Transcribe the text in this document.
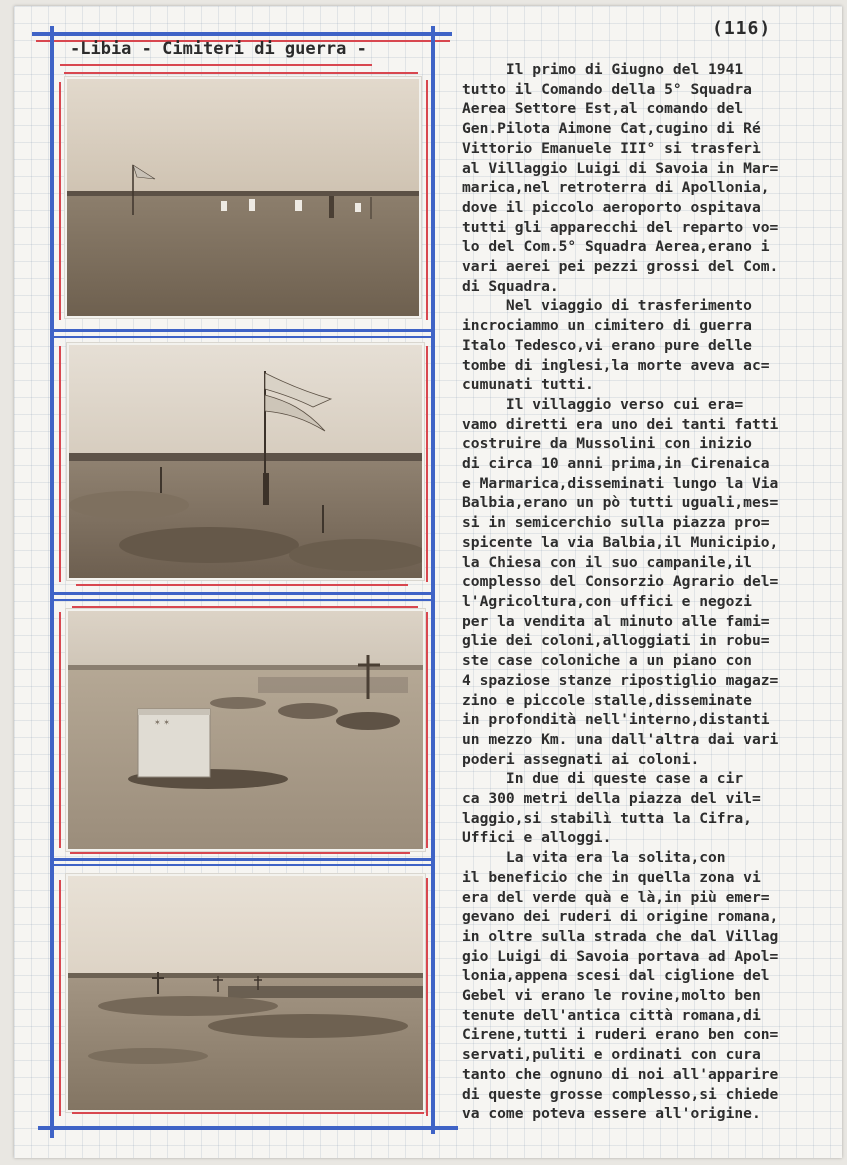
(116)
-Libia - Cimiteri di guerra -
✶ ✶
Il primo di Giugno del 1941
tutto il Comando della 5° Squadra
Aerea Settore Est,al comando del
Gen.Pilota Aimone Cat,cugino di Ré
Vittorio Emanuele III° si trasferì
al Villaggio Luigi di Savoia in Mar=
marica,nel retroterra di Apollonia,
dove il piccolo aeroporto ospitava
tutti gli apparecchi del reparto vo=
lo del Com.5° Squadra Aerea,erano i
vari aerei pei pezzi grossi del Com.
di Squadra.
Nel viaggio di trasferimento
incrociammo un cimitero di guerra
Italo Tedesco,vi erano pure delle
tombe di inglesi,la morte aveva ac=
cumunati tutti.
Il villaggio verso cui era=
vamo diretti era uno dei tanti fatti
costruire da Mussolini con inizio
di circa 10 anni prima,in Cirenaica
e Marmarica,disseminati lungo la Via
Balbia,erano un pò tutti uguali,mes=
si in semicerchio sulla piazza pro=
spicente la via Balbia,il Municipio,
la Chiesa con il suo campanile,il
complesso del Consorzio Agrario del=
l'Agricoltura,con uffici e negozi
per la vendita al minuto alle fami=
glie dei coloni,alloggiati in robu=
ste case coloniche a un piano con
4 spaziose stanze ripostiglio magaz=
zino e piccole stalle,disseminate
in profondità nell'interno,distanti
un mezzo Km. una dall'altra dai vari
poderi assegnati ai coloni.
In due di queste case a cir
ca 300 metri della piazza del vil=
laggio,si stabilì tutta la Cifra,
Uffici e alloggi.
La vita era la solita,con
il beneficio che in quella zona vi
era del verde quà e là,in più emer=
gevano dei ruderi di origine romana,
in oltre sulla strada che dal Villag
gio Luigi di Savoia portava ad Apol=
lonia,appena scesi dal ciglione del
Gebel vi erano le rovine,molto ben
tenute dell'antica città romana,di
Cirene,tutti i ruderi erano ben con=
servati,puliti e ordinati con cura
tanto che ognuno di noi all'apparire
di queste grosse complesso,si chiede
va come poteva essere all'origine.
